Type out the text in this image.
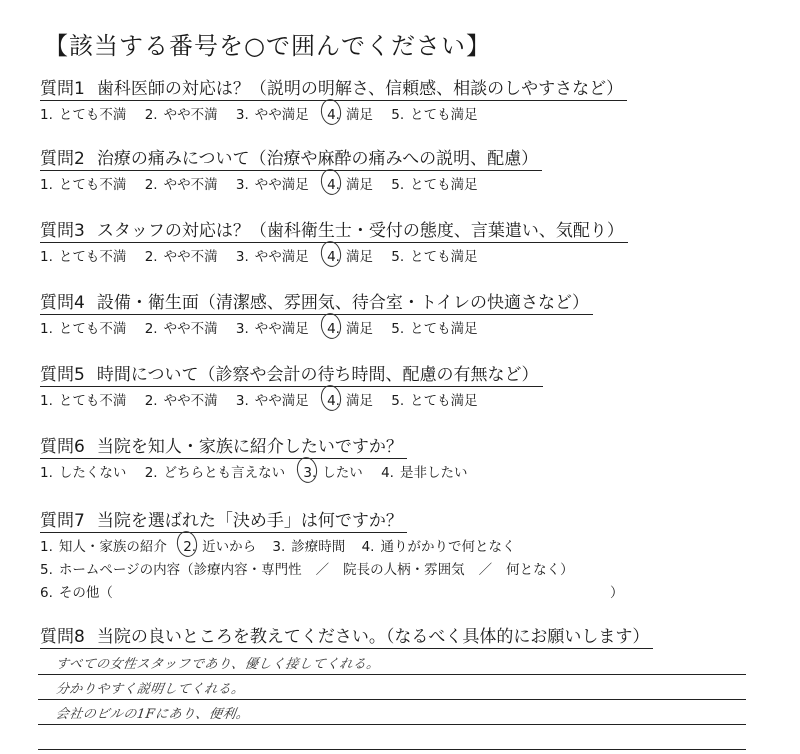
【該当する番号を○で囲んでください】
質問1 歯科医師の対応は？（説明の明解さ、信頼感、相談のしやすさなど）
1. とても不満 2. やや不満 3. やや満足 4. 満足 5. とても満足
質問2 治療の痛みについて（治療や麻酔の痛みへの説明、配慮）
1. とても不満 2. やや不満 3. やや満足 4. 満足 5. とても満足
質問3 スタッフの対応は？（歯科衛生士・受付の態度、言葉遣い、気配り）
1. とても不満 2. やや不満 3. やや満足 4. 満足 5. とても満足
質問4 設備・衛生面（清潔感、雰囲気、待合室・トイレの快適さなど）
1. とても不満 2. やや不満 3. やや満足 4. 満足 5. とても満足
質問5 時間について（診察や会計の待ち時間、配慮の有無など）
1. とても不満 2. やや不満 3. やや満足 4. 満足 5. とても満足
質問6 当院を知人・家族に紹介したいですか？
1. したくない 2. どちらとも言えない 3. したい 4. 是非したい
質問7 当院を選ばれた「決め手」は何ですか？
1. 知人・家族の紹介 2. 近いから 3. 診療時間 4. 通りがかりで何となく
5. ホームページの内容（診療内容・専門性 ／ 院長の人柄・雰囲気 ／ 何となく）
6. その他（	）
質問8 当院の良いところを教えてください。（なるべく具体的にお願いします）
すべての女性スタッフであり、優しく接してくれる。
分かりやすく説明してくれる。
会社のビルの1Fにあり、便利。
